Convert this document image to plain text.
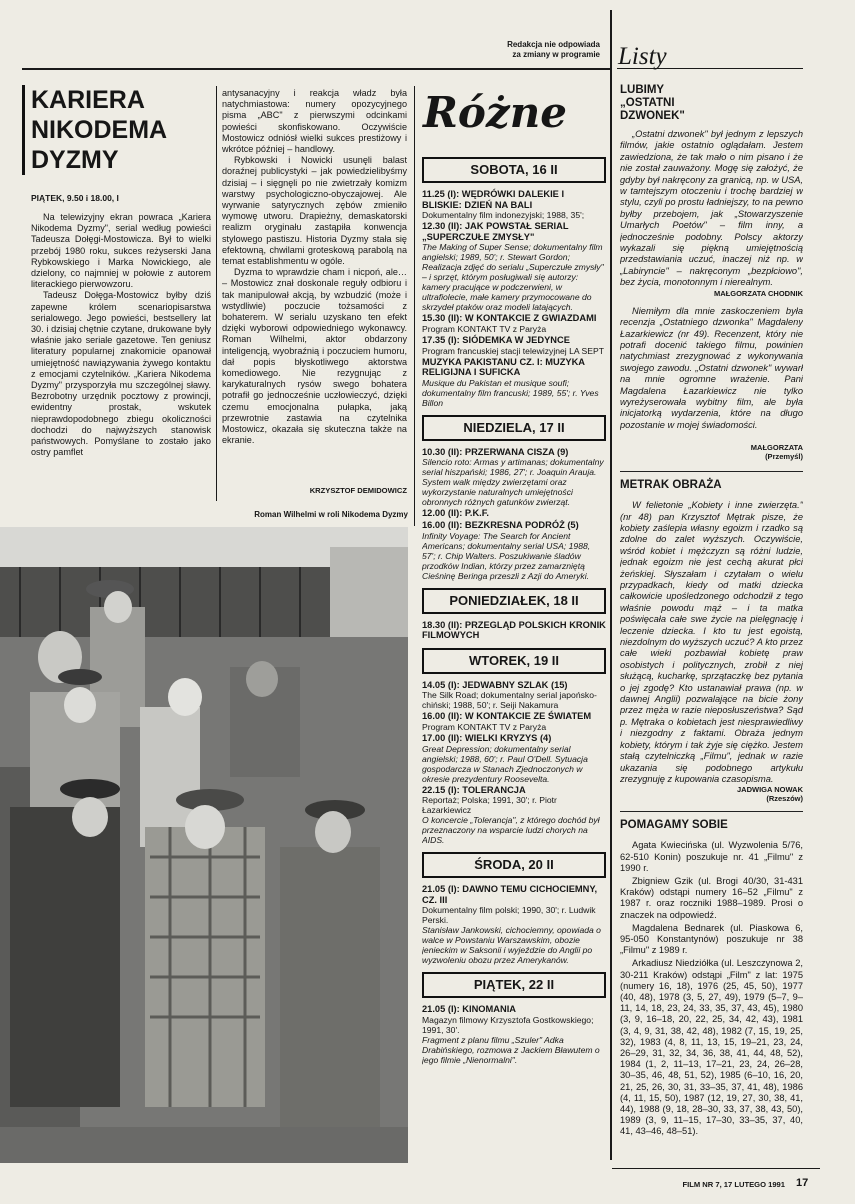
Redakcja nie odpowiada
za zmiany w programie Listy
KARIERA
NIKODEMA
DYZMY
PIĄTEK, 9.50 i 18.00, I

Na telewizyjny ekran powraca „Kariera Nikodema Dyzmy", serial według powieści Tadeusza Dołęgi-Mostowicza. Był to wielki przebój 1980 roku, sukces reżyserski Jana Rybkowskiego i Marka Nowickiego, ale dzielony, co najmniej w połowie z autorem literackiego pierwowzoru.

Tadeusz Dołęga-Mostowicz byłby dziś zapewne królem scenariopisarstwa serialowego. Jego powieści, bestsellery lat 30. i dzisiaj chętnie czytane, drukowane były właśnie jako seriale gazetowe. Ten geniusz literatury popularnej znakomicie opanował umiejętność nawiązywania żywego kontaktu z emocjami czytelników. „Kariera Nikodema Dyzmy" przysporzyła mu szczególnej sławy. Bezrobotny urzędnik pocztowy z prowincji, ewidentny prostak, wskutek nieprawdopodobnego zbiegu okoliczności dochodzi do najwyższych stanowisk państwowych. Pomyślane to zostało jako ostry pamflet

antysanacyjny i reakcja władz była natychmiastowa: numery opozycyjnego pisma „ABC" z pierwszymi odcinkami powieści skonfiskowano. Oczywiście Mostowicz odniósł wielki sukces prestiżowy i wkrótce później – handlowy.

Rybkowski i Nowicki usunęli balast doraźnej publicystyki – jak powiedzielibyśmy dzisiaj – i sięgnęli po nie zwietrzały komizm warstwy psychologiczno-obyczajowej. Ale wyrwanie satyrycznych zębów zmieniło wymowę utworu. Drapieżny, demaskatorski realizm oryginału zastąpiła konwencja stylowego pastiszu. Historia Dyzmy stała się efektowną, chwilami groteskową parabolą na temat establishmentu w ogóle.

Dyzma to wprawdzie cham i nicpoń, ale… – Mostowicz znał doskonale reguły odbioru i tak manipulował akcją, by wzbudzić (może i wstydliwie) poczucie tożsamości z bohaterem. W serialu uzyskano ten efekt dzięki wyborowi odpowiedniego wykonawcy. Roman Wilhelmi, aktor obdarzony inteligencją, wyobraźnią i poczuciem humoru, dał popis błyskotliwego aktorstwa komediowego. Nie rezygnując z karykaturalnych rysów swego bohatera potrafił go jednocześnie uczłowieczyć, dzięki czemu emocjonalna pułapka, jaką przewrotnie zastawia na czytelnika Mostowicz, okazała się skuteczna także na ekranie.

KRZYSZTOF DEMIDOWICZ
Roman Wilhelmi w roli Nikodema Dyzmy
Różne
SOBOTA, 16 II
11.25 (I): WĘDRÓWKI DALEKIE I BLISKIE: DZIEŃ NA BALI
Dokumentalny film indonezyjski; 1988, 35';
12.30 (II): JAK POWSTAŁ SERIAL „SUPERCZUŁE ZMYSŁY"
The Making of Super Sense; dokumentalny film angielski; 1989, 50'; r. Stewart Gordon; Realizacja zdjęć do serialu „Superczułe zmysły" – i sprzęt, którym posługiwali się autorzy: kamery pracujące w podczerwieni, w ultrafiolecie, małe kamery przymocowane do skrzydeł ptaków oraz modeli latających.
15.30 (II): W KONTAKCIE Z GWIAZDAMI
Program KONTAKT TV z Paryża
17.35 (I): SIÓDEMKA W JEDYNCE
Program francuskiej stacji telewizyjnej LA SEPT
MUZYKA PAKISTANU CZ. I: MUZYKA RELIGIJNA I SUFICKA
Musique du Pakistan et musique soufi; dokumentalny film francuski; 1989, 55'; r. Yves Billon
NIEDZIELA, 17 II
10.30 (II): PRZERWANA CISZA (9)
Silencio roto: Armas y artimanas; dokumentalny serial hiszpański; 1986, 27'; r. Joaquin Arauja. System walk między zwierzętami oraz wykorzystanie naturalnych umiejętności obronnych różnych gatunków zwierząt.
12.00 (II): P.K.F.
16.00 (II): BEZKRESNA PODRÓŻ (5)
Infinity Voyage: The Search for Ancient Americans; dokumentalny serial USA; 1988, 57'; r. Chip Walters. Poszukiwanie śladów przodków Indian, którzy przez zamarzniętą Cieśninę Beringa przeszli z Azji do Ameryki.
PONIEDZIAŁEK, 18 II
18.30 (II): PRZEGLĄD POLSKICH KRONIK FILMOWYCH
WTOREK, 19 II
14.05 (I): JEDWABNY SZLAK (15)
The Silk Road; dokumentalny serial japońsko-chiński; 1988, 50'; r. Seiji Nakamura
16.00 (II): W KONTAKCIE ZE ŚWIATEM
Program KONTAKT TV z Paryża
17.00 (II): WIELKI KRYZYS (4)
Great Depression; dokumentalny serial angielski; 1988, 60'; r. Paul O'Dell. Sytuacja gospodarcza w Stanach Zjednoczonych w okresie prezydentury Roosevelta.
22.15 (I): TOLERANCJA
Reportaż; Polska; 1991, 30'; r. Piotr Łazarkiewicz
O koncercie „Tolerancja", z którego dochód był przeznaczony na wsparcie ludzi chorych na AIDS.
ŚRODA, 20 II
21.05 (I): DAWNO TEMU CICHOCIEMNY, CZ. III
Dokumentalny film polski; 1990, 30'; r. Ludwik Perski.
Stanisław Jankowski, cichociemny, opowiada o walce w Powstaniu Warszawskim, obozie jenieckim w Saksonii i wyjeździe do Anglii po wyzwoleniu obozu przez Amerykanów.
PIĄTEK, 22 II
21.05 (I): KINOMANIA
Magazyn filmowy Krzysztofa Gostkowskiego; 1991, 30'.
Fragment z planu filmu „Szuler" Adka Drabińskiego, rozmowa z Jackiem Bławutem o jego filmie „Nienormalni".
LUBIMY
„OSTATNI
DZWONEK"

„Ostatni dzwonek" był jednym z lepszych filmów, jakie ostatnio oglądałam. Jestem zawiedziona, że tak mało o nim pisano i że nie został zauważony. Mogę się założyć, że gdyby był nakręcony za granicą, np. w USA, w tamtejszym otoczeniu i trochę bardziej w stylu, czyli po prostu ładniejszy, to na pewno byłby przebojem, jak „Stowarzyszenie Umarłych Poetów" – film inny, a jednocześnie podobny. Polscy aktorzy wykazali się piękną umiejętnością przedstawiania uczuć, inaczej niż np. w „Labiryncie" – nakręconym „bezpłciowo", bez życia, monotonnym i nierealnym.

MAŁGORZATA CHODNIK

Niemiłym dla mnie zaskoczeniem była recenzja „Ostatniego dzwonka" Magdaleny Łazarkiewicz (nr 49). Recenzent, który nie potrafi docenić takiego filmu, powinien natychmiast zrezygnować z wykonywania swojego zawodu. „Ostatni dzwonek" wywarł na mnie ogromne wrażenie. Pani Magdalena Łazarkiewicz nie tylko wyreżyserowała wybitny film, ale była inicjatorką wydarzenia, które na długo pozostanie w mojej świadomości.

MAŁGORZATA
(Przemyśl)
METRAK OBRAŻA

W felietonie „Kobiety i inne zwierzęta." (nr 48) pan Krzysztof Mętrak pisze, że kobiety zaślepia własny egoizm i rzadko są zdolne do zalet wyższych. Oczywiście, wśród kobiet i mężczyzn są różni ludzie, jednak egoizm nie jest cechą akurat płci żeńskiej. Słyszałam i czytałam o wielu przypadkach, kiedy od matki dziecka całkowicie upośledzonego odchodził z tego właśnie powodu mąż – i ta matka poświęcała całe swe życie na pielęgnację i leczenie dziecka. I kto tu jest egoistą, niezdolnym do wyższych uczuć? A kto przez całe wieki pozbawiał kobietę praw osobistych i politycznych, zrobił z niej służącą, kucharkę, sprzątaczkę bez pytania o jej zgodę? Kto ustanawiał prawa (np. w dawnej Anglii) pozwalające na bicie żony przez męża w razie nieposłuszeństwa? Sąd p. Mętraka o kobietach jest niesprawiedliwy i niezgodny z faktami. Obraża jednym kobiety, którym i tak żyje się ciężko. Jestem stałą czytelniczką „Filmu", jednak w razie ukazania się podobnego artykułu zrezygnuję z kupowania czasopisma.

JADWIGA NOWAK
(Rzeszów)
POMAGAMY SOBIE

Agata Kwiecińska (ul. Wyzwolenia 5/76, 62-510 Konin) poszukuje nr. 41 „Filmu" z 1990 r.

Zbigniew Gzik (ul. Brogi 40/30, 31-431 Kraków) odstąpi numery 16–52 „Filmu" z 1987 r. oraz roczniki 1988–1989. Prosi o znaczek na odpowiedź.

Magdalena Bednarek (ul. Piaskowa 6, 95-050 Konstantynów) poszukuje nr 38 „Filmu" z 1989 r.

Arkadiusz Niedziółka (ul. Leszczynowa 2, 30-211 Kraków) odstąpi „Film" z lat: 1975 (numery 16, 18), 1976 (25, 45, 50), 1977 (40, 48), 1978 (3, 5, 27, 49), 1979 (5–7, 9–11, 14, 18, 23, 24, 33, 35, 37, 43, 45), 1980 (3, 9, 16–18, 20, 22, 25, 34, 42, 43), 1981 (3, 4, 9, 31, 38, 42, 48), 1982 (7, 15, 19, 25, 32), 1983 (4, 8, 11, 13, 15, 19–21, 23, 24, 26–29, 31, 32, 34, 36, 38, 41, 44, 48, 52), 1984 (1, 2, 11–13, 17–21, 23, 24, 26–28, 30–35, 46, 48, 51, 52), 1985 (6–10, 16, 20, 21, 25, 26, 30, 31, 33–35, 37, 41, 48), 1986 (4, 11, 15, 50), 1987 (12, 19, 27, 30, 38, 41, 44), 1988 (9, 18, 28–30, 33, 37, 38, 43, 50), 1989 (3, 9, 11–15, 17–30, 33–35, 37, 40, 41, 43–46, 48–51).

FILM NR 7, 17 LUTEGO 1991 17
